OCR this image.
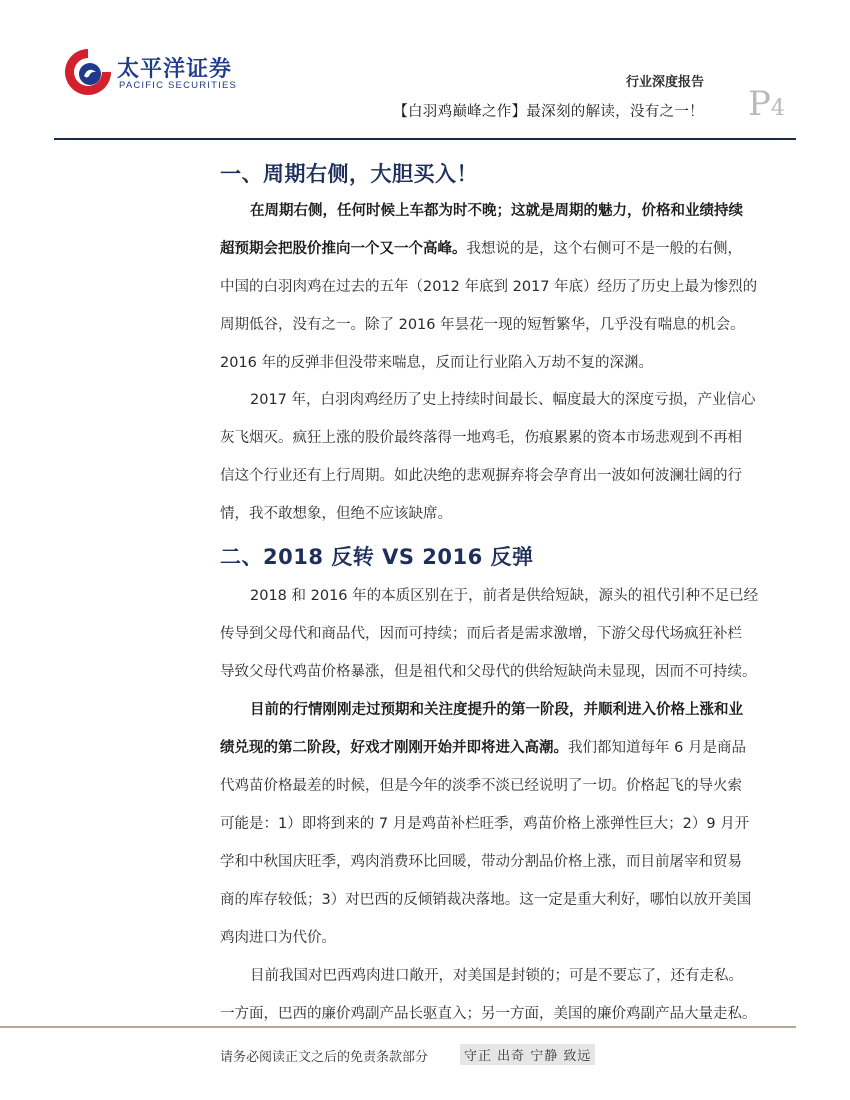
太平洋证券
PACIFIC SECURITIES	行业深度报告
【白羽鸡巅峰之作】最深刻的解读，没有之一！ P4
一、周期右侧，大胆买入！
在周期右侧，任何时候上车都为时不晚；这就是周期的魅力，价格和业绩持续
超预期会把股价推向一个又一个高峰。我想说的是，这个右侧可不是一般的右侧，
中国的白羽肉鸡在过去的五年（2012 年底到 2017 年底）经历了历史上最为惨烈的
周期低谷，没有之一。除了 2016 年昙花一现的短暂繁华，几乎没有喘息的机会。
2016 年的反弹非但没带来喘息，反而让行业陷入万劫不复的深渊。
2017 年，白羽肉鸡经历了史上持续时间最长、幅度最大的深度亏损，产业信心
灰飞烟灭。疯狂上涨的股价最终落得一地鸡毛，伤痕累累的资本市场悲观到不再相
信这个行业还有上行周期。如此决绝的悲观摒弃将会孕育出一波如何波澜壮阔的行
情，我不敢想象，但绝不应该缺席。
二、2018 反转 VS 2016 反弹
2018 和 2016 年的本质区别在于，前者是供给短缺，源头的祖代引种不足已经
传导到父母代和商品代，因而可持续；而后者是需求激增，下游父母代场疯狂补栏
导致父母代鸡苗价格暴涨，但是祖代和父母代的供给短缺尚未显现，因而不可持续。
目前的行情刚刚走过预期和关注度提升的第一阶段，并顺利进入价格上涨和业
绩兑现的第二阶段，好戏才刚刚开始并即将进入高潮。我们都知道每年 6 月是商品
代鸡苗价格最差的时候，但是今年的淡季不淡已经说明了一切。价格起飞的导火索
可能是：1）即将到来的 7 月是鸡苗补栏旺季，鸡苗价格上涨弹性巨大；2）9 月开
学和中秋国庆旺季，鸡肉消费环比回暖，带动分割品价格上涨，而目前屠宰和贸易
商的库存较低；3）对巴西的反倾销裁决落地。这一定是重大利好，哪怕以放开美国
鸡肉进口为代价。
目前我国对巴西鸡肉进口敞开，对美国是封锁的；可是不要忘了，还有走私。
一方面，巴西的廉价鸡副产品长驱直入；另一方面，美国的廉价鸡副产品大量走私。
请务必阅读正文之后的免责条款部分	守正 出奇 宁静 致远
